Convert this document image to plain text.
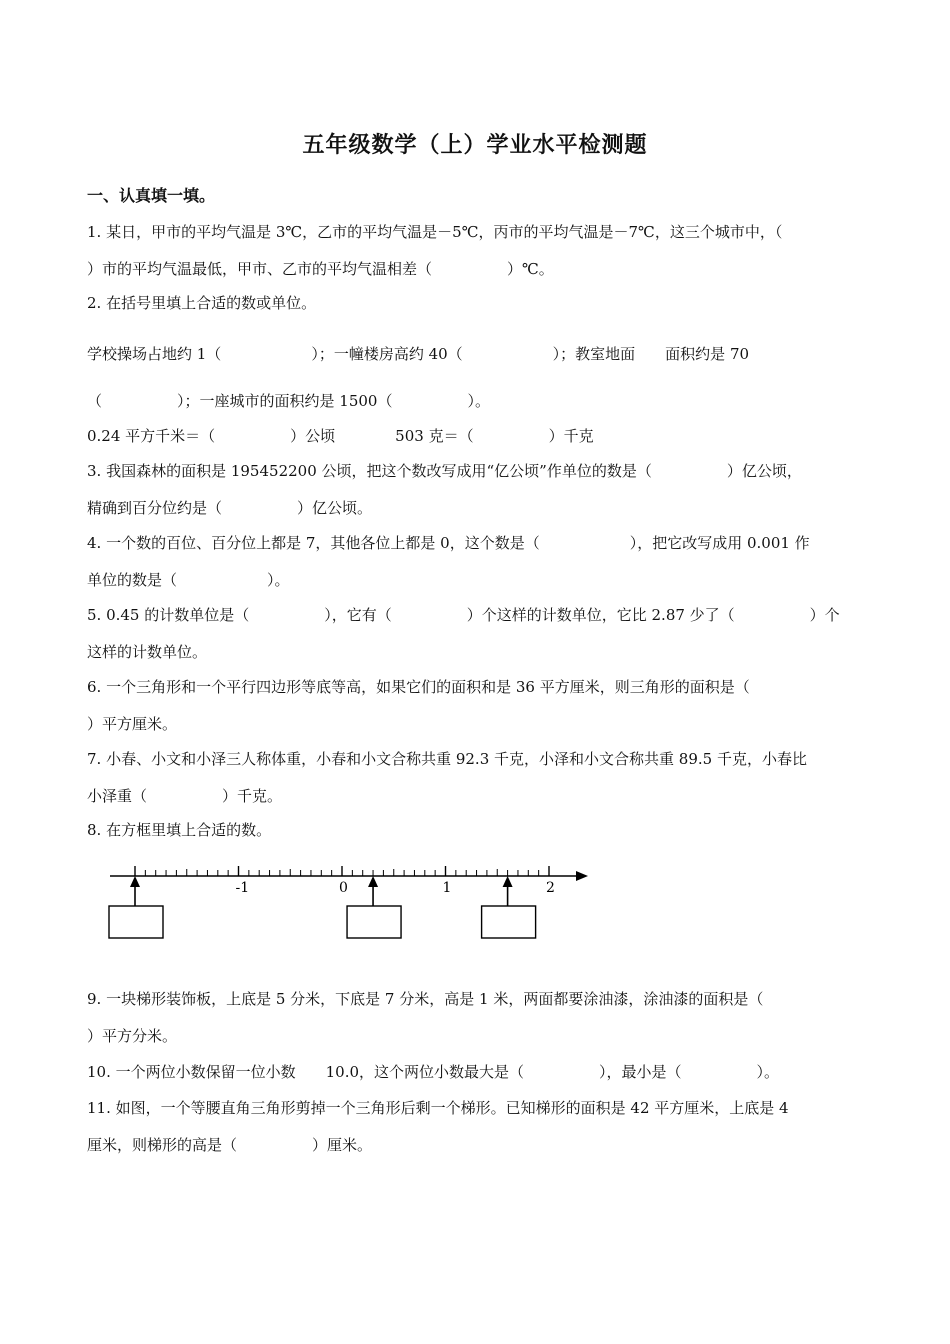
五年级数学（上）学业水平检测题
一、认真填一填。
1. 某日，甲市的平均气温是 3℃，乙市的平均气温是－5℃，丙市的平均气温是－7℃，这三个城市中，（
）市的平均气温最低，甲市、乙市的平均气温相差（　　　　　）℃。
2. 在括号里填上合适的数或单位。
学校操场占地约 1（　　　　　　）；一幢楼房高约 40（　　　　　　）；教室地面　　面积约是 70
（　　　　　）；一座城市的面积约是 1500（　　　　　）。
0.24 平方千米＝（　　　　　）公顷　　　　503 克＝（　　　　　）千克
3. 我国森林的面积是 195452200 公顷，把这个数改写成用“亿公顷”作单位的数是（　　　　　）亿公顷，
精确到百分位约是（　　　　　）亿公顷。
4. 一个数的百位、百分位上都是 7，其他各位上都是 0，这个数是（　　　　　　），把它改写成用 0.001 作
单位的数是（　　　　　　）。
5. 0.45 的计数单位是（　　　　　），它有（　　　　　）个这样的计数单位，它比 2.87 少了（　　　　　）个
这样的计数单位。
6. 一个三角形和一个平行四边形等底等高，如果它们的面积和是 36 平方厘米，则三角形的面积是（
）平方厘米。
7. 小春、小文和小泽三人称体重，小春和小文合称共重 92.3 千克，小泽和小文合称共重 89.5 千克，小春比
小泽重（　　　　　）千克。
8. 在方框里填上合适的数。
-1	0	1	2
9. 一块梯形装饰板，上底是 5 分米，下底是 7 分米，高是 1 米，两面都要涂油漆，涂油漆的面积是（
）平方分米。
10. 一个两位小数保留一位小数　　10.0，这个两位小数最大是（　　　　　），最小是（　　　　　）。
11. 如图，一个等腰直角三角形剪掉一个三角形后剩一个梯形。已知梯形的面积是 42 平方厘米，上底是 4
厘米，则梯形的高是（　　　　　）厘米。
